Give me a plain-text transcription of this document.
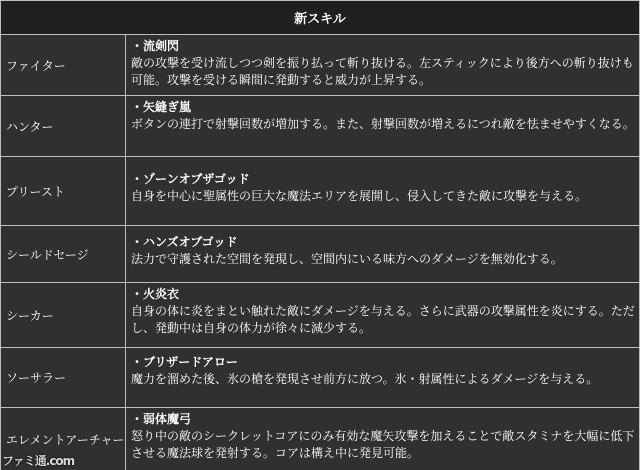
新スキル
ファイター
・流剣閃
敵の攻撃を受け流しつつ剣を振り払って斬り抜ける。左スティックにより後方への斬り抜けも可能。攻撃を受ける瞬間に発動すると威力が上昇する。
ハンター
・矢縫ぎ嵐
ボタンの連打で射撃回数が増加する。また、射撃回数が増えるにつれ敵を怯ませやすくなる。
プリースト
・ゾーンオブザゴッド
自身を中心に聖属性の巨大な魔法エリアを展開し、侵入してきた敵に攻撃を与える。
シールドセージ
・ハンズオブゴッド
法力で守護された空間を発現し、空間内にいる味方へのダメージを無効化する。
シーカー
・火炎衣
自身の体に炎をまとい触れた敵にダメージを与える。さらに武器の攻撃属性を炎にする。ただし、発動中は自身の体力が徐々に減少する。
ソーサラー
・ブリザードアロー
魔力を溜めた後、氷の槍を発現させ前方に放つ。氷・射属性によるダメージを与える。
エレメントアーチャー
・弱体魔弓
怒り中の敵のシークレットコアにのみ有効な魔矢攻撃を加えることで敵スタミナを大幅に低下させる魔法球を発射する。コアは構え中に発見可能。
ファミ通.com
